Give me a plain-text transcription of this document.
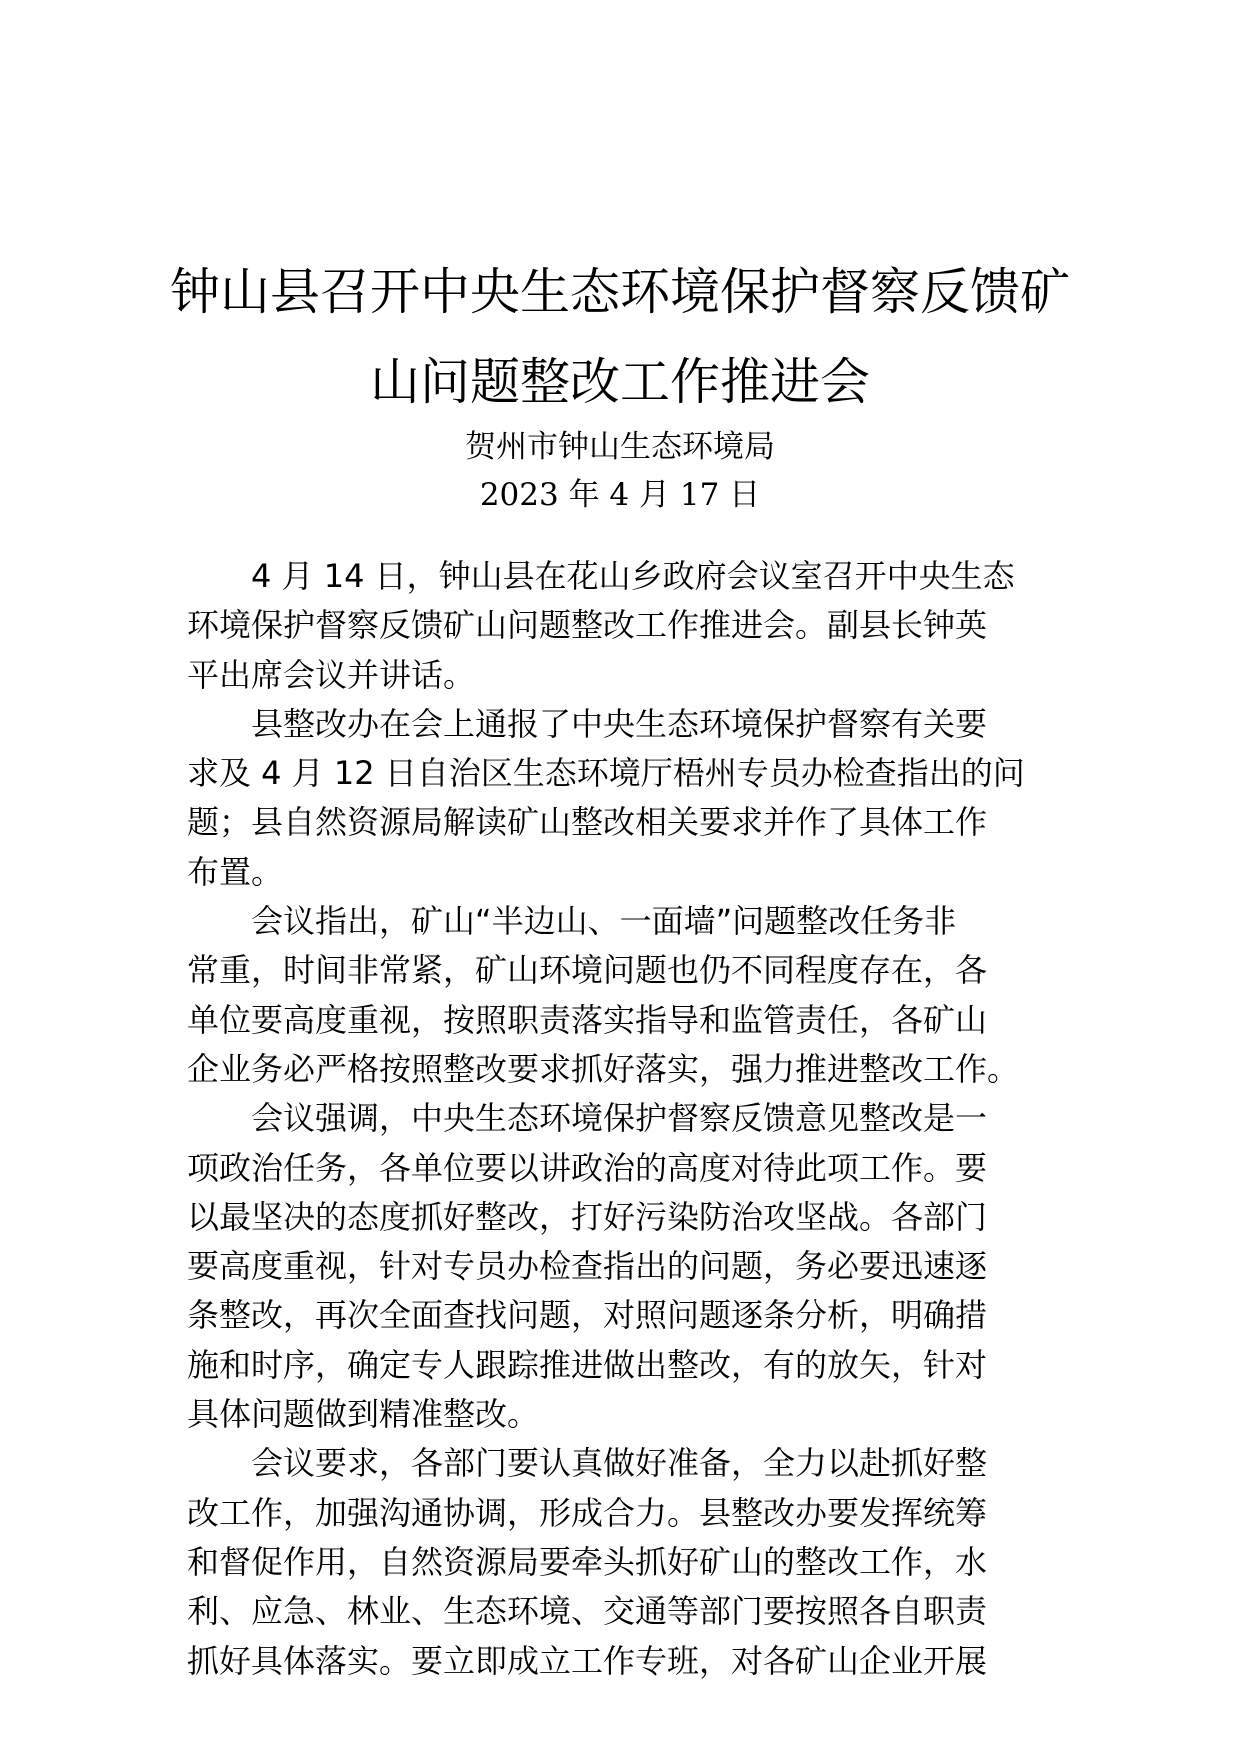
钟山县召开中央生态环境保护督察反馈矿
山问题整改工作推进会
贺州市钟山生态环境局
2023 年 4 月 17 日

4 月 14 日，钟山县在花山乡政府会议室召开中央生态
环境保护督察反馈矿山问题整改工作推进会。副县长钟英
平出席会议并讲话。

县整改办在会上通报了中央生态环境保护督察有关要
求及 4 月 12 日自治区生态环境厅梧州专员办检查指出的问
题；县自然资源局解读矿山整改相关要求并作了具体工作
布置。

会议指出，矿山“半边山、一面墙”问题整改任务非
常重，时间非常紧，矿山环境问题也仍不同程度存在，各
单位要高度重视，按照职责落实指导和监管责任，各矿山
企业务必严格按照整改要求抓好落实，强力推进整改工作。

会议强调，中央生态环境保护督察反馈意见整改是一
项政治任务，各单位要以讲政治的高度对待此项工作。要
以最坚决的态度抓好整改，打好污染防治攻坚战。各部门
要高度重视，针对专员办检查指出的问题，务必要迅速逐
条整改，再次全面查找问题，对照问题逐条分析，明确措
施和时序，确定专人跟踪推进做出整改，有的放矢，针对
具体问题做到精准整改。

会议要求，各部门要认真做好准备，全力以赴抓好整
改工作，加强沟通协调，形成合力。县整改办要发挥统筹
和督促作用，自然资源局要牵头抓好矿山的整改工作，水
利、应急、林业、生态环境、交通等部门要按照各自职责
抓好具体落实。要立即成立工作专班，对各矿山企业开展
